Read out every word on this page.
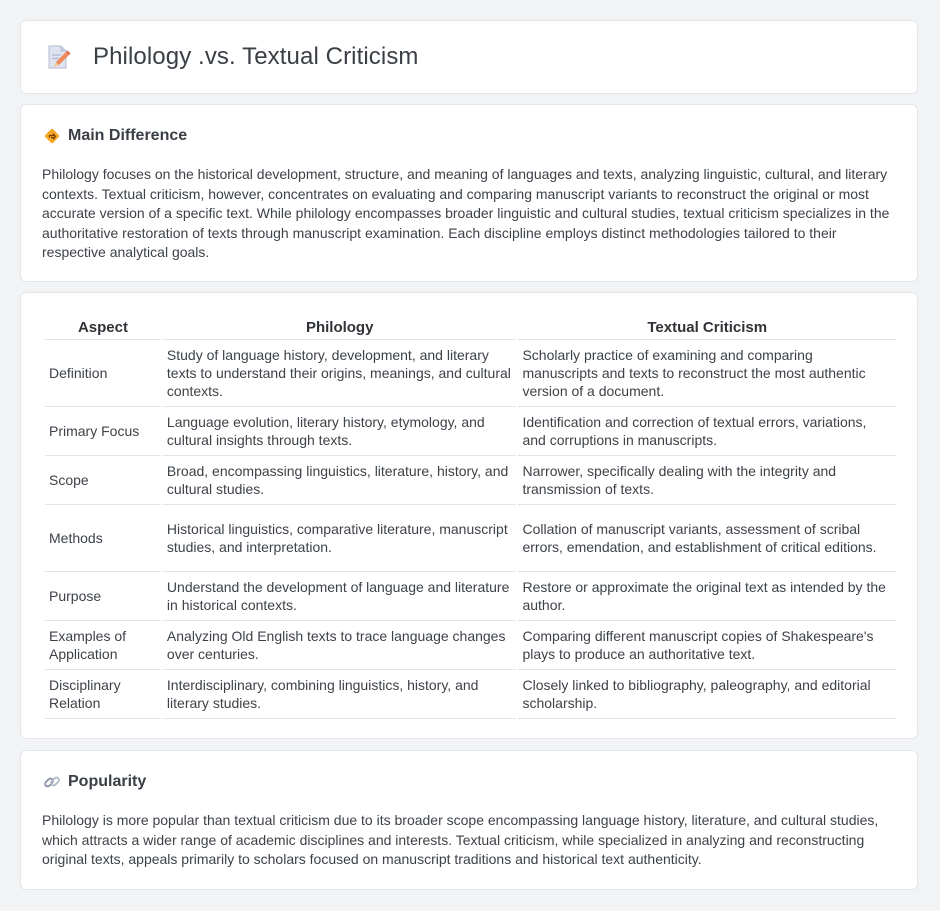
Philology .vs. Textual Criticism
Main Difference

Philology focuses on the historical development, structure, and meaning of languages and texts, analyzing linguistic, cultural, and literary contexts. Textual criticism, however, concentrates on evaluating and comparing manuscript variants to reconstruct the original or most accurate version of a specific text. While philology encompasses broader linguistic and cultural studies, textual criticism specializes in the authoritative restoration of texts through manuscript examination. Each discipline employs distinct methodologies tailored to their respective analytical goals.

Aspect	Philology	Textual Criticism
Definition	Study of language history, development, and literary texts to understand their origins, meanings, and cultural contexts.	Scholarly practice of examining and comparing manuscripts and texts to reconstruct the most authentic version of a document.
Primary Focus	Language evolution, literary history, etymology, and cultural insights through texts.	Identification and correction of textual errors, variations, and corruptions in manuscripts.
Scope	Broad, encompassing linguistics, literature, history, and cultural studies.	Narrower, specifically dealing with the integrity and transmission of texts.
Methods	Historical linguistics, comparative literature, manuscript studies, and interpretation.	Collation of manuscript variants, assessment of scribal errors, emendation, and establishment of critical editions.
Purpose	Understand the development of language and literature in historical contexts.	Restore or approximate the original text as intended by the author.
Examples of Application	Analyzing Old English texts to trace language changes over centuries.	Comparing different manuscript copies of Shakespeare's plays to produce an authoritative text.
Disciplinary Relation	Interdisciplinary, combining linguistics, history, and literary studies.	Closely linked to bibliography, paleography, and editorial scholarship.
Popularity

Philology is more popular than textual criticism due to its broader scope encompassing language history, literature, and cultural studies, which attracts a wider range of academic disciplines and interests. Textual criticism, while specialized in analyzing and reconstructing original texts, appeals primarily to scholars focused on manuscript traditions and historical text authenticity.
